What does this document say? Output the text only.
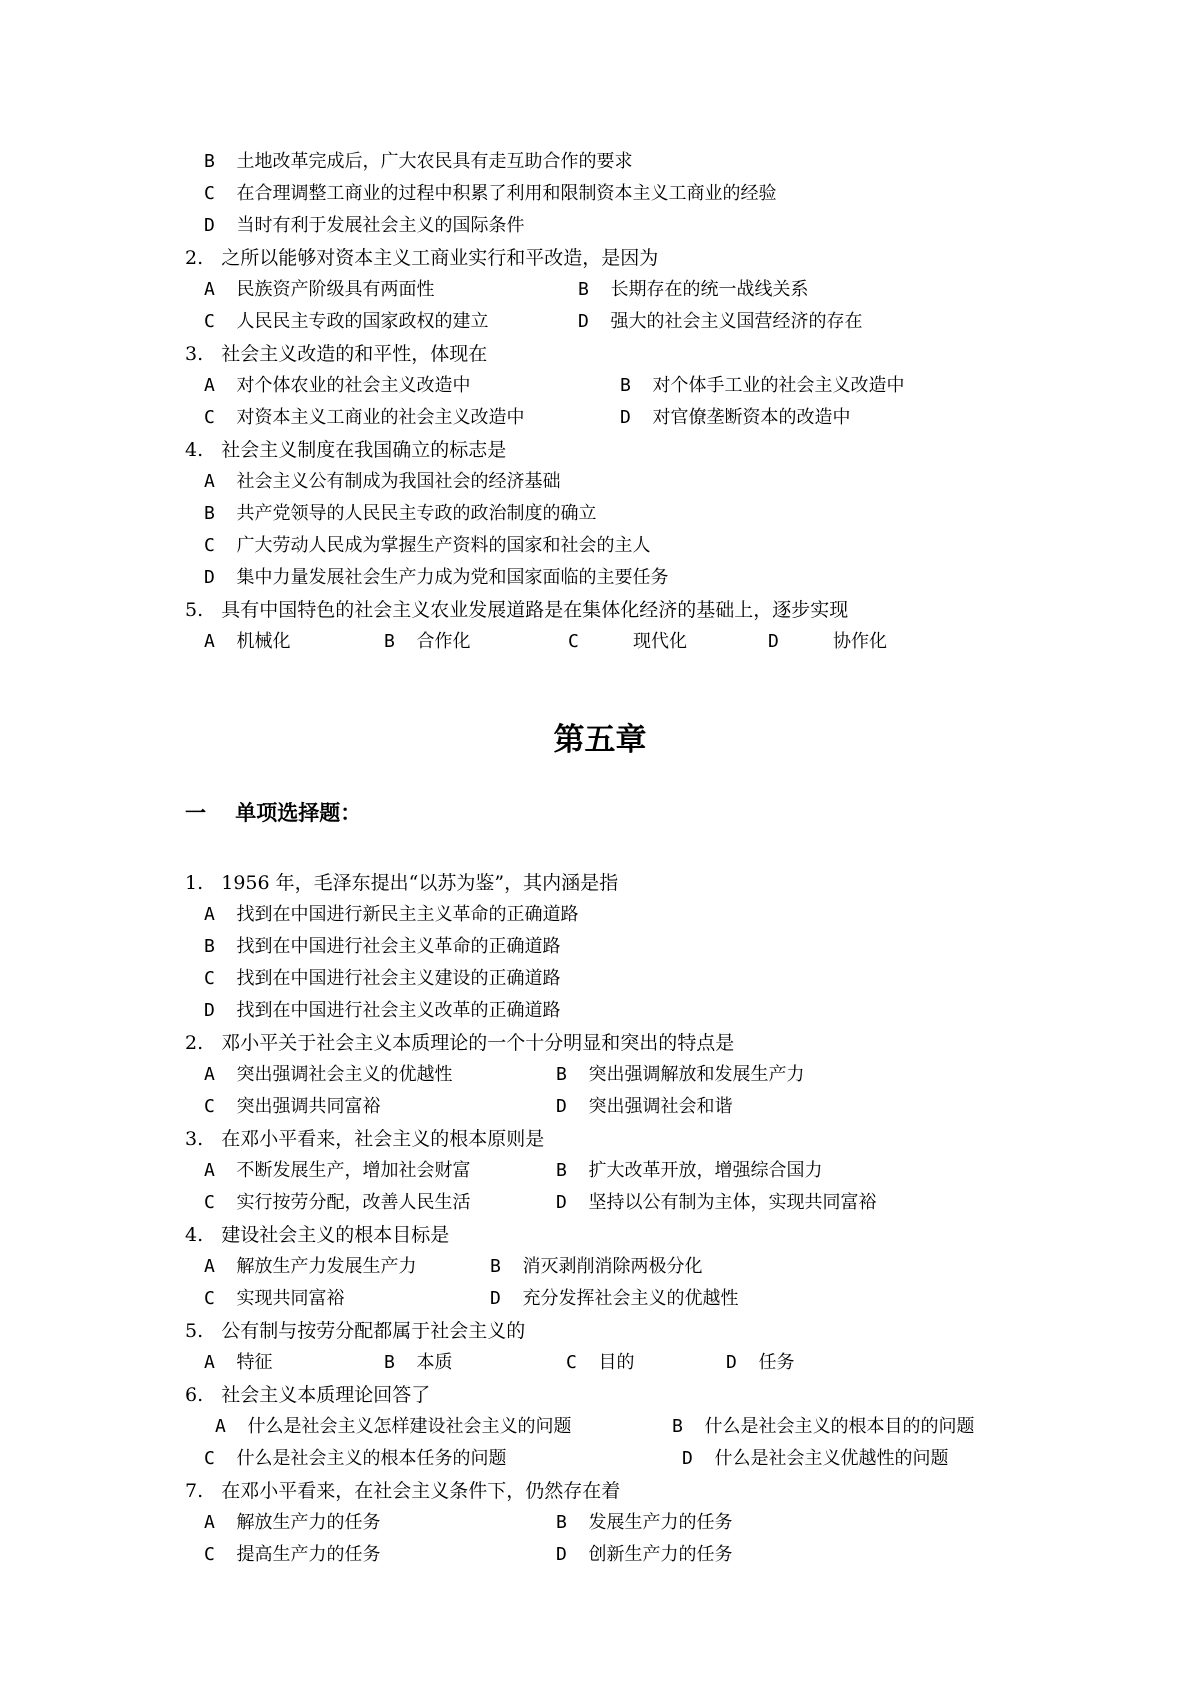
B  土地改革完成后，广大农民具有走互助合作的要求
C  在合理调整工商业的过程中积累了利用和限制资本主义工商业的经验
D  当时有利于发展社会主义的国际条件
2.   之所以能够对资本主义工商业实行和平改造，是因为
A  民族资产阶级具有两面性	B  长期存在的统一战线关系
C  人民民主专政的国家政权的建立	D  强大的社会主义国营经济的存在
3.   社会主义改造的和平性，体现在
A  对个体农业的社会主义改造中	B  对个体手工业的社会主义改造中
C  对资本主义工商业的社会主义改造中	D  对官僚垄断资本的改造中
4.   社会主义制度在我国确立的标志是
A  社会主义公有制成为我国社会的经济基础
B  共产党领导的人民民主专政的政治制度的确立
C  广大劳动人民成为掌握生产资料的国家和社会的主人
D  集中力量发展社会生产力成为党和国家面临的主要任务
5.   具有中国特色的社会主义农业发展道路是在集体化经济的基础上，逐步实现
A  机械化	B  合作化	C     现代化	D     协作化
第五章
一    单项选择题：
1.   1956 年，毛泽东提出“以苏为鉴”，其内涵是指
A  找到在中国进行新民主主义革命的正确道路
B  找到在中国进行社会主义革命的正确道路
C  找到在中国进行社会主义建设的正确道路
D  找到在中国进行社会主义改革的正确道路
2.   邓小平关于社会主义本质理论的一个十分明显和突出的特点是
A  突出强调社会主义的优越性	B  突出强调解放和发展生产力
C  突出强调共同富裕	D  突出强调社会和谐
3.   在邓小平看来，社会主义的根本原则是
A  不断发展生产，增加社会财富	B  扩大改革开放，增强综合国力
C  实行按劳分配，改善人民生活	D  坚持以公有制为主体，实现共同富裕
4.   建设社会主义的根本目标是
A  解放生产力发展生产力	B  消灭剥削消除两极分化
C  实现共同富裕	D  充分发挥社会主义的优越性
5.   公有制与按劳分配都属于社会主义的
A  特征	B  本质	C  目的	D  任务
6.   社会主义本质理论回答了
A  什么是社会主义怎样建设社会主义的问题	B  什么是社会主义的根本目的的问题
C  什么是社会主义的根本任务的问题	D  什么是社会主义优越性的问题
7.   在邓小平看来，在社会主义条件下，仍然存在着
A  解放生产力的任务	B  发展生产力的任务
C  提高生产力的任务	D  创新生产力的任务
